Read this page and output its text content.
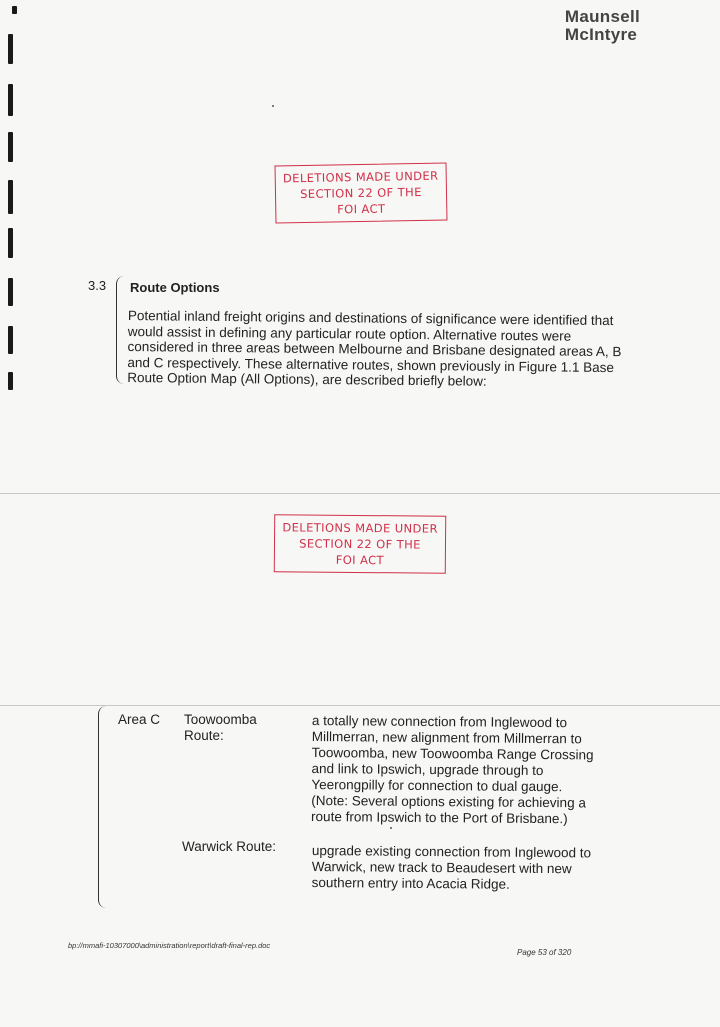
Maunsell
McIntyre
DELETIONS MADE UNDER
SECTION 22 OF THE
FOI ACT
3.3 Route Options
Potential inland freight origins and destinations of significance were identified that would assist in defining any particular route option. Alternative routes were considered in three areas between Melbourne and Brisbane designated areas A, B and C respectively. These alternative routes, shown previously in Figure 1.1 Base Route Option Map (All Options), are described briefly below:
DELETIONS MADE UNDER
SECTION 22 OF THE
FOI ACT
Area C Toowoomba Route:
a totally new connection from Inglewood to Millmerran, new alignment from Millmerran to Toowoomba, new Toowoomba Range Crossing and link to Ipswich, upgrade through to Yeerongpilly for connection to dual gauge. (Note: Several options existing for achieving a route from Ipswich to the Port of Brisbane.)
Warwick Route:	upgrade existing connection from Inglewood to Warwick, new track to Beaudesert with new southern entry into Acacia Ridge.
bp://mmafi-10307000\administration\report\draft-final-rep.doc
Page 53 of 320
